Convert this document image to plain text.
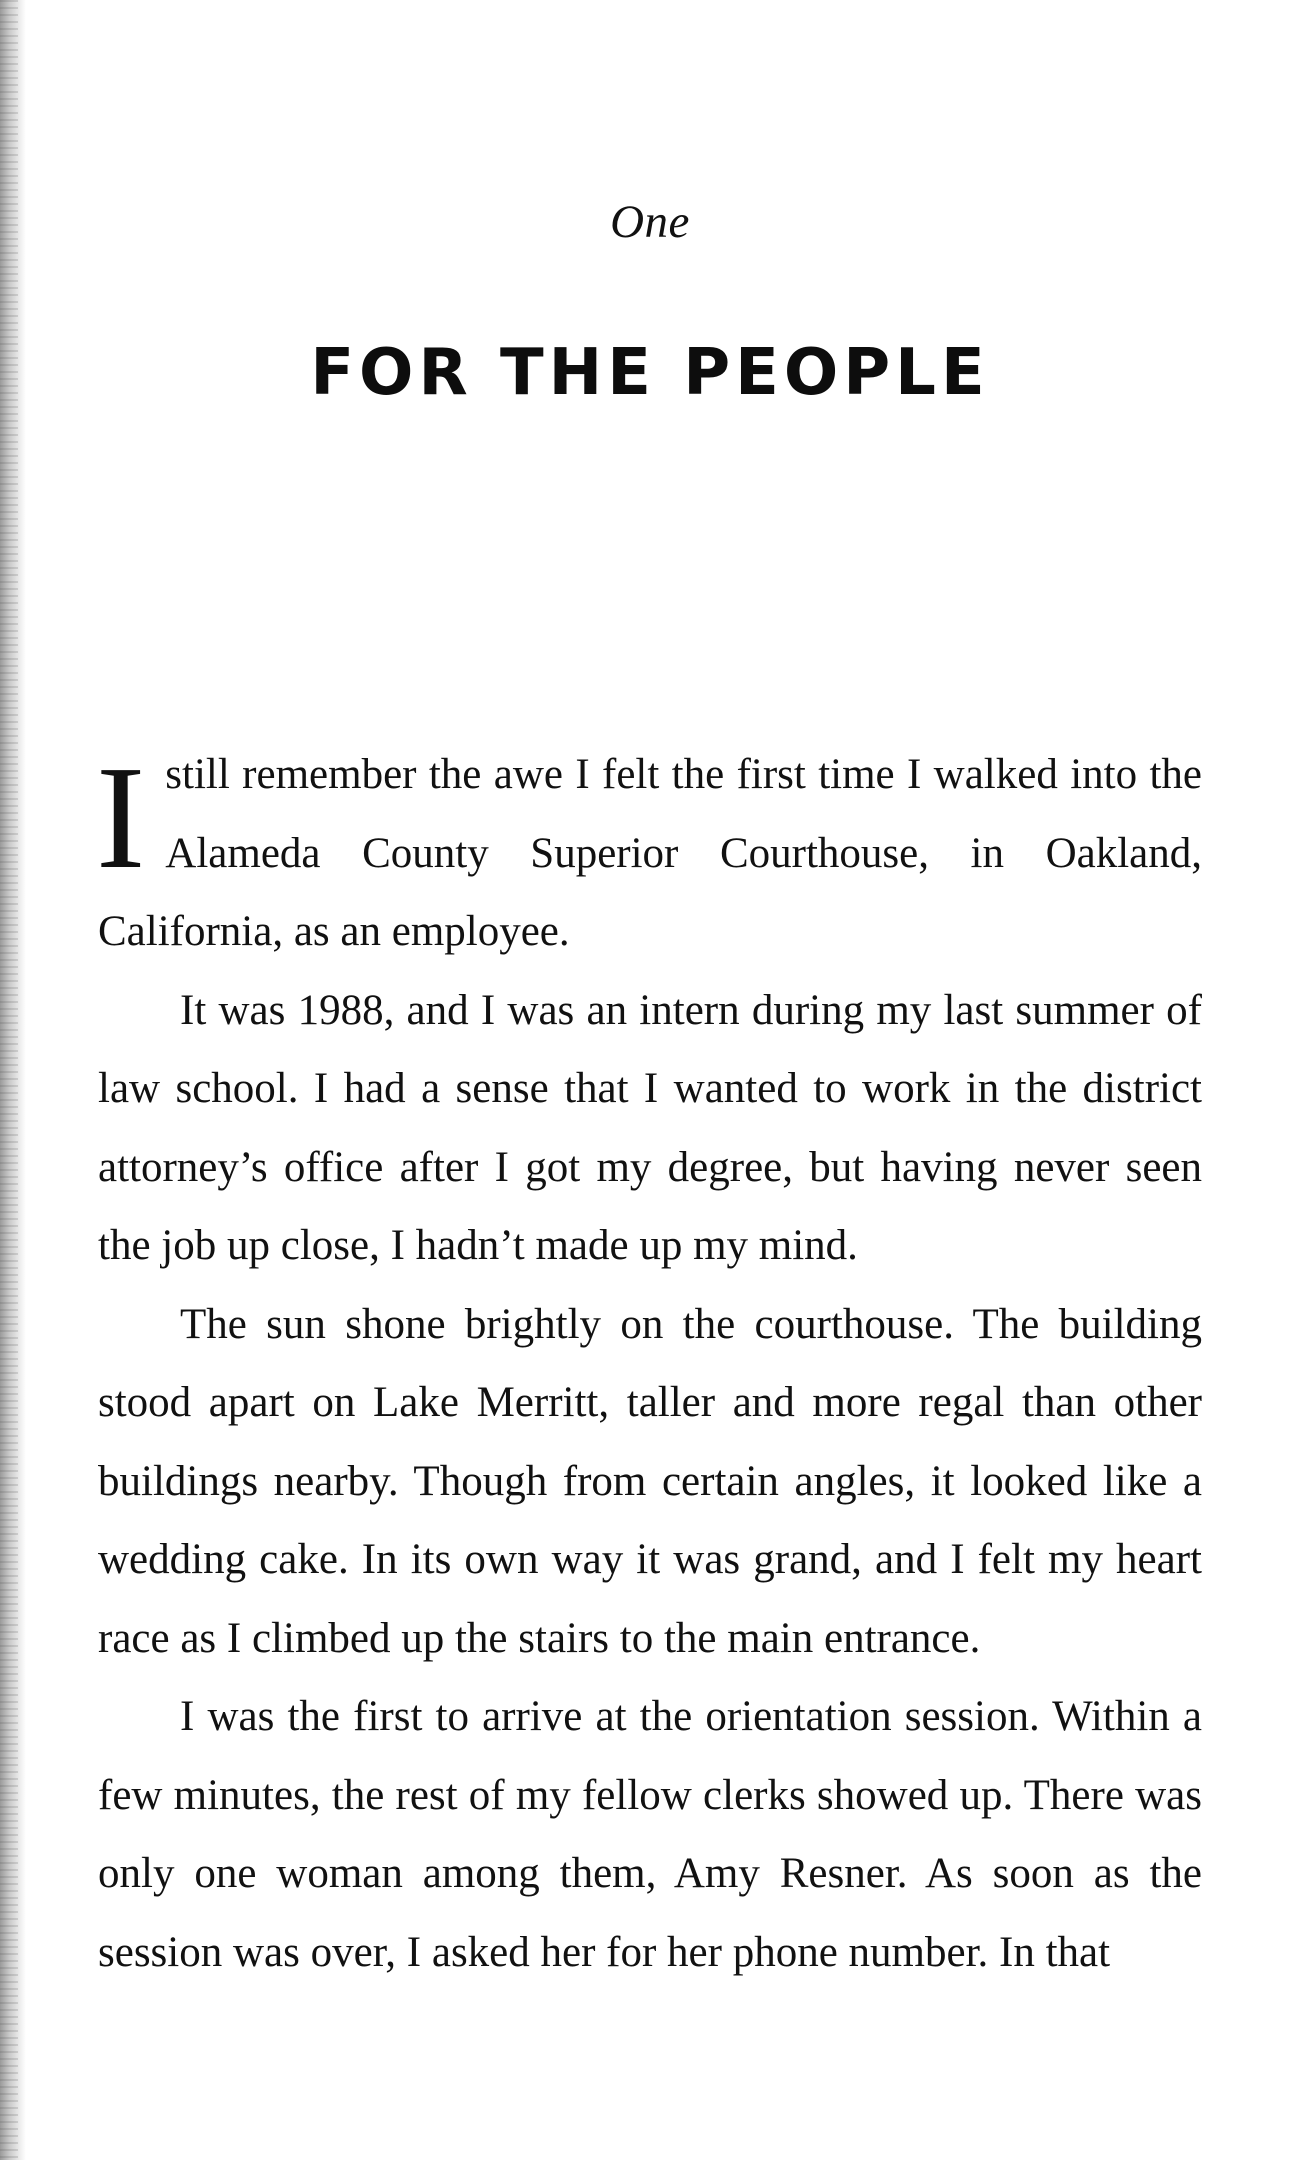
One
FOR THE PEOPLE

I still remember the awe I felt the first time I walked into the Alameda County Superior Courthouse, in Oakland, California, as an employee.

It was 1988, and I was an intern during my last summer of law school. I had a sense that I wanted to work in the district attorney’s office after I got my degree, but having never seen the job up close, I hadn’t made up my mind.

The sun shone brightly on the courthouse. The building stood apart on Lake Merritt, taller and more regal than other buildings nearby. Though from certain angles, it looked like a wedding cake. In its own way it was grand, and I felt my heart race as I climbed up the stairs to the main entrance.

I was the first to arrive at the orientation session. Within a few minutes, the rest of my fellow clerks showed up. There was only one woman among them, Amy Resner. As soon as the session was over, I asked her for her phone number. In that
